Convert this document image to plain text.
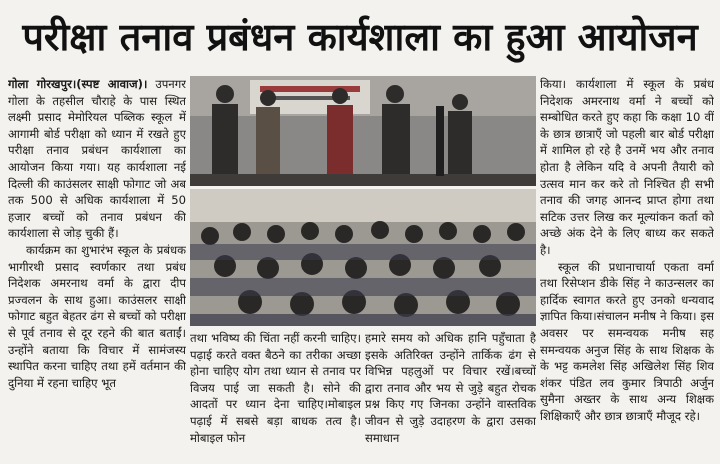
परीक्षा तनाव प्रबंधन कार्यशाला का हुआ आयोजन

गोला गोरखपुर।(स्पष्ट आवाज)। उपनगर गोला के तहसील चौराहे के पास स्थित लक्ष्मी प्रसाद मेमोरियल पब्लिक स्कूल में आगामी बोर्ड परीक्षा को ध्यान में रखते हुए परीक्षा तनाव प्रबंधन कार्यशाला का आयोजन किया गया। यह कार्यशाला नई दिल्ली की काउंसलर साक्षी फोगाट जो अब तक 500 से अधिक कार्यशाला में 50 हजार बच्चों को तनाव प्रबंधन की कार्यशाला से जोड़ चुकी हैं।

कार्यक्रम का शुभारंभ स्कूल के प्रबंधक भागीरथी प्रसाद स्वर्णकार तथा प्रबंध निदेशक अमरनाथ वर्मा के द्वारा दीप प्रज्वलन के साथ हुआ। काउंसलर साक्षी फोगाट बहुत बेहतर ढंग से बच्चों को परीक्षा से पूर्व तनाव से दूर रहने की बात बताईं। उन्होंने बताया कि विचार में सामंजस्य स्थापित करना चाहिए तथा हमें वर्तमान की दुनिया में रहना चाहिए भूत

तथा भविष्य की चिंता नहीं करनी चाहिए। पढ़ाई करते वक्त बैठने का तरीका अच्छा होना चाहिए योग तथा ध्यान से तनाव पर विजय पाई जा सकती है। सोने की आदतों पर ध्यान देना चाहिए।मोबाइल पढ़ाई में सबसे बड़ा बाधक तत्व है। मोबाइल फोन

हमारे समय को अधिक हानि पहुँचाता है इसके अतिरिक्त उन्होंने तार्किक ढंग से विभिन्न पहलुओं पर विचार रखें।बच्चों द्वारा तनाव और भय से जुड़े बहुत रोचक प्रश्न किए गए जिनका उन्होंने वास्तविक जीवन से जुड़े उदाहरण के द्वारा उसका समाधान

किया। कार्यशाला में स्कूल के प्रबंध निदेशक अमरनाथ वर्मा ने बच्चों को सम्बोधित करते हुए कहा कि कक्षा 10 वीं के छात्र छात्राएँ जो पहली बार बोर्ड परीक्षा में शामिल हो रहे है उनमें भय और तनाव होता है लेकिन यदि वे अपनी तैयारी को उत्सव मान कर करे तो निश्चित ही सभी तनाव की जगह आनन्द प्राप्त होगा तथा सटिक उत्तर लिख कर मूल्यांकन कर्ता को अच्छे अंक देने के लिए बाध्य कर सकते है।

स्कूल की प्रधानाचार्या एकता वर्मा तथा रिसेप्शन डीके सिंह ने काउन्सलर का हार्दिक स्वागत करते हुए उनको धन्यवाद ज्ञापित किया।संचालन मनीष ने किया। इस अवसर पर समन्वयक मनीष सह समन्वयक अनुज सिंह के साथ शिक्षक के के भट्ट कमलेश सिंह अखिलेश सिंह शिव शंकर पंडित लव कुमार त्रिपाठी अर्जुन सुमैना अख्तर के साथ अन्य शिक्षक शिक्षिकाएँ और छात्र छात्राएँ मौजूद रहे।
